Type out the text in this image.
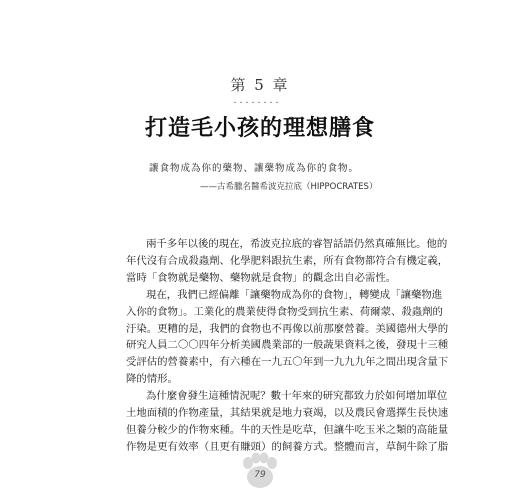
第 5 章
．．．．．．．．
打造毛小孩的理想膳食
讓食物成為你的藥物、讓藥物成為你的食物。
——古希臘名醫希波克拉底（HIPPOCRATES）

兩千多年以後的現在，希波克拉底的睿智話語仍然真確無比。他的
年代沒有合成殺蟲劑、化學肥料跟抗生素，所有食物都符合有機定義，
當時「食物就是藥物、藥物就是食物」的觀念出自必需性。

現在，我們已經偏離「讓藥物成為你的食物」，轉變成「讓藥物進
入你的食物」。工業化的農業使得食物受到抗生素、荷爾蒙、殺蟲劑的
汙染。更糟的是，我們的食物也不再像以前那麼營養。美國德州大學的
研究人員二〇〇四年分析美國農業部的一般蔬果資料之後，發現十三種
受評估的營養素中，有六種在一九五〇年到一九九九年之間出現含量下
降的情形。

為什麼會發生這種情況呢？數十年來的研究都致力於如何增加單位
土地面積的作物產量，其結果就是地力衰竭，以及農民會選擇生長快速
但養分較少的作物來種。牛的天性是吃草，但讓牛吃玉米之類的高能量
作物是更有效率（且更有賺頭）的飼養方式。整體而言，草飼牛除了脂

79
